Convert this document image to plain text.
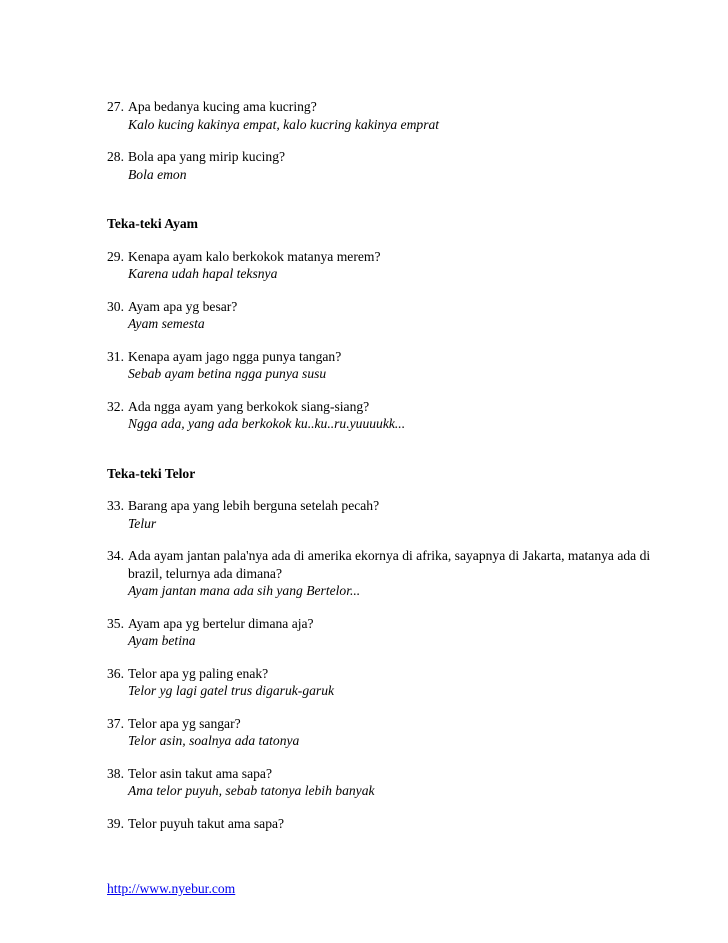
27. Apa bedanya kucing ama kucring?
Kalo kucing kakinya empat, kalo kucring kakinya emprat
28. Bola apa yang mirip kucing?
Bola emon
Teka-teki Ayam
29. Kenapa ayam kalo berkokok matanya merem?
Karena udah hapal teksnya
30. Ayam apa yg besar?
Ayam semesta
31. Kenapa ayam jago ngga punya tangan?
Sebab ayam betina ngga punya susu
32. Ada ngga ayam yang berkokok siang-siang?
Ngga ada, yang ada berkokok ku..ku..ru.yuuuukk...
Teka-teki Telor
33. Barang apa yang lebih berguna setelah pecah?
Telur
34. Ada ayam jantan pala'nya ada di amerika ekornya di afrika, sayapnya di Jakarta, matanya ada di brazil, telurnya ada dimana?
Ayam jantan mana ada sih yang Bertelor...
35. Ayam apa yg bertelur dimana aja?
Ayam betina
36. Telor apa yg paling enak?
Telor yg lagi gatel trus digaruk-garuk
37. Telor apa yg sangar?
Telor asin, soalnya ada tatonya
38. Telor asin takut ama sapa?
Ama telor puyuh, sebab tatonya lebih banyak
39. Telor puyuh takut ama sapa?
http://www.nyebur.com
